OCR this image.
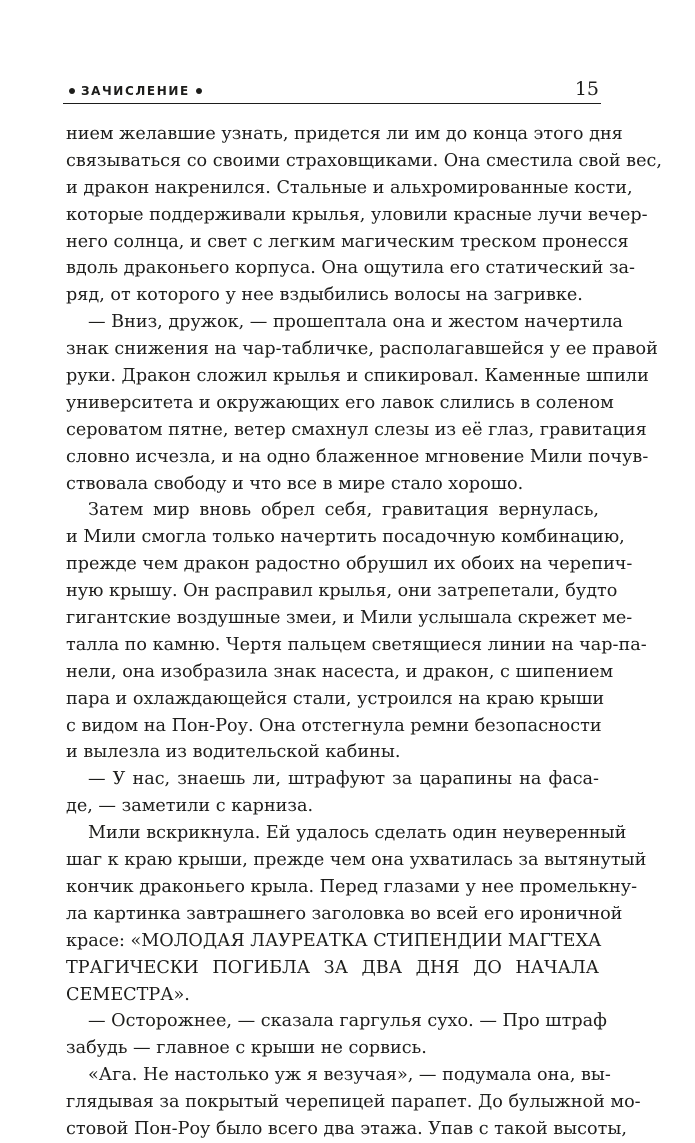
ЗАЧИСЛЕНИЕ	15
нием желавшие узнать, придется ли им до конца этого дня
связываться со своими страховщиками. Она сместила свой вес,
и дракон накренился. Стальные и альхромированные кости,
которые поддерживали крылья, уловили красные лучи вечер-
него солнца, и свет с легким магическим треском пронесся
вдоль драконьего корпуса. Она ощутила его статический за-
ряд, от которого у нее вздыбились волосы на загривке.
— Вниз, дружок, — прошептала она и жестом начертила
знак снижения на чар-табличке, располагавшейся у ее правой
руки. Дракон сложил крылья и спикировал. Каменные шпили
университета и окружающих его лавок слились в соленом
сероватом пятне, ветер смахнул слезы из её глаз, гравитация
словно исчезла, и на одно блаженное мгновение Мили почув-
ствовала свободу и что все в мире стало хорошо.
Затем мир вновь обрел себя, гравитация вернулась,
и Мили смогла только начертить посадочную комбинацию,
прежде чем дракон радостно обрушил их обоих на черепич-
ную крышу. Он расправил крылья, они затрепетали, будто
гигантские воздушные змеи, и Мили услышала скрежет ме-
талла по камню. Чертя пальцем светящиеся линии на чар-па-
нели, она изобразила знак насеста, и дракон, с шипением
пара и охлаждающейся стали, устроился на краю крыши
с видом на Пон-Роу. Она отстегнула ремни безопасности
и вылезла из водительской кабины.
— У нас, знаешь ли, штрафуют за царапины на фаса-
де, — заметили с карниза.
Мили вскрикнула. Ей удалось сделать один неуверенный
шаг к краю крыши, прежде чем она ухватилась за вытянутый
кончик драконьего крыла. Перед глазами у нее промелькну-
ла картинка завтрашнего заголовка во всей его ироничной
красе: «МОЛОДАЯ ЛАУРЕАТКА СТИПЕНДИИ МАГТЕХА
ТРАГИЧЕСКИ ПОГИБЛА ЗА ДВА ДНЯ ДО НАЧАЛА
СЕМЕСТРА».
— Осторожнее, — сказала гаргулья сухо. — Про штраф
забудь — главное с крыши не сорвись.
«Ага. Не настолько уж я везучая», — подумала она, вы-
глядывая за покрытый черепицей парапет. До булыжной мо-
стовой Пон-Роу было всего два этажа. Упав с такой высоты,
